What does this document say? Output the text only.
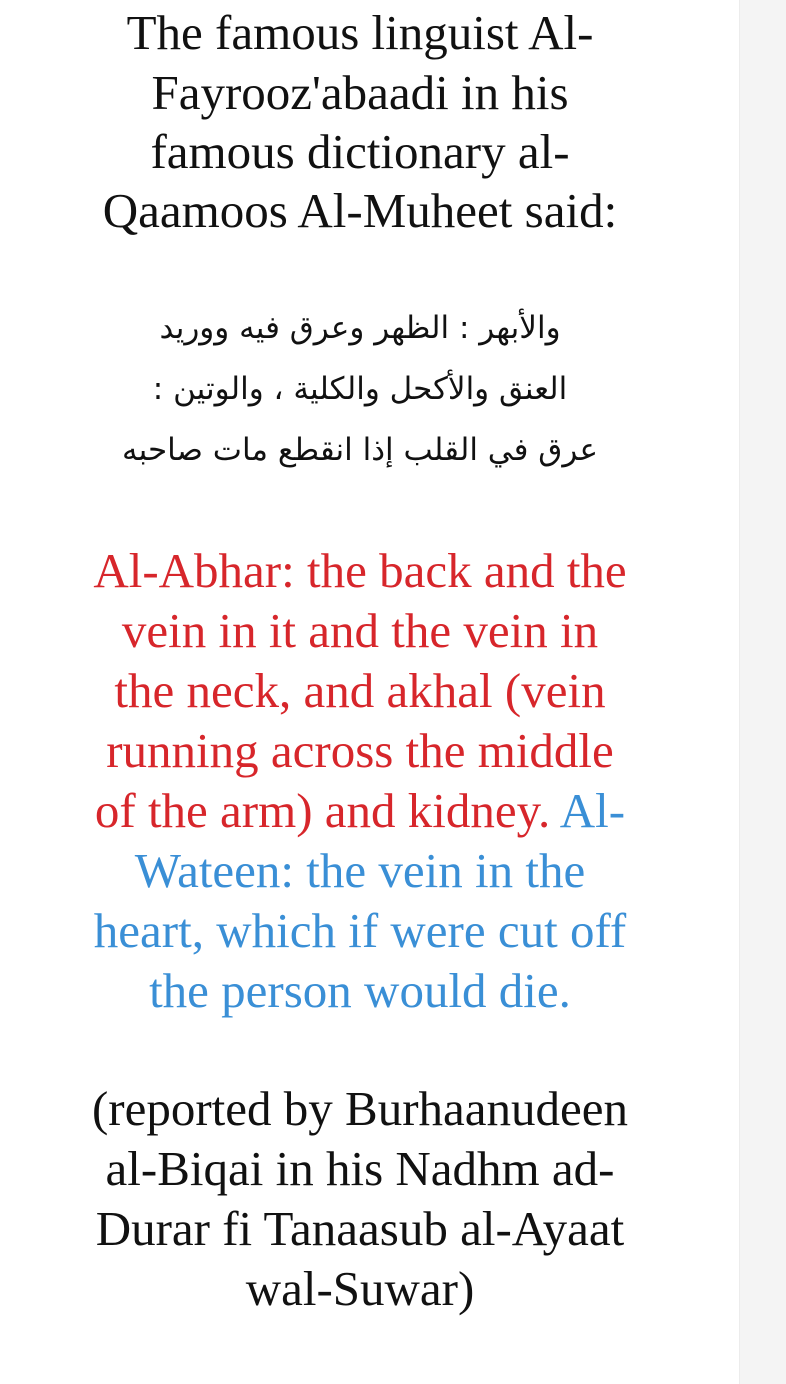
The famous linguist Al-
Fayrooz'abaadi in his
famous dictionary al-
Qaamoos Al-Muheet said:
والأبهر : الظهر وعرق فيه ووريد
العنق والأكحل والكلية ، والوتين :
عرق في القلب إذا انقطع مات صاحبه
Al-Abhar: the back and the
vein in it and the vein in
the neck, and akhal (vein
running across the middle
of the arm) and kidney. Al-
Wateen: the vein in the
heart, which if were cut off
the person would die.
(reported by Burhaanudeen
al-Biqai in his Nadhm ad-
Durar fi Tanaasub al-Ayaat
wal-Suwar)
